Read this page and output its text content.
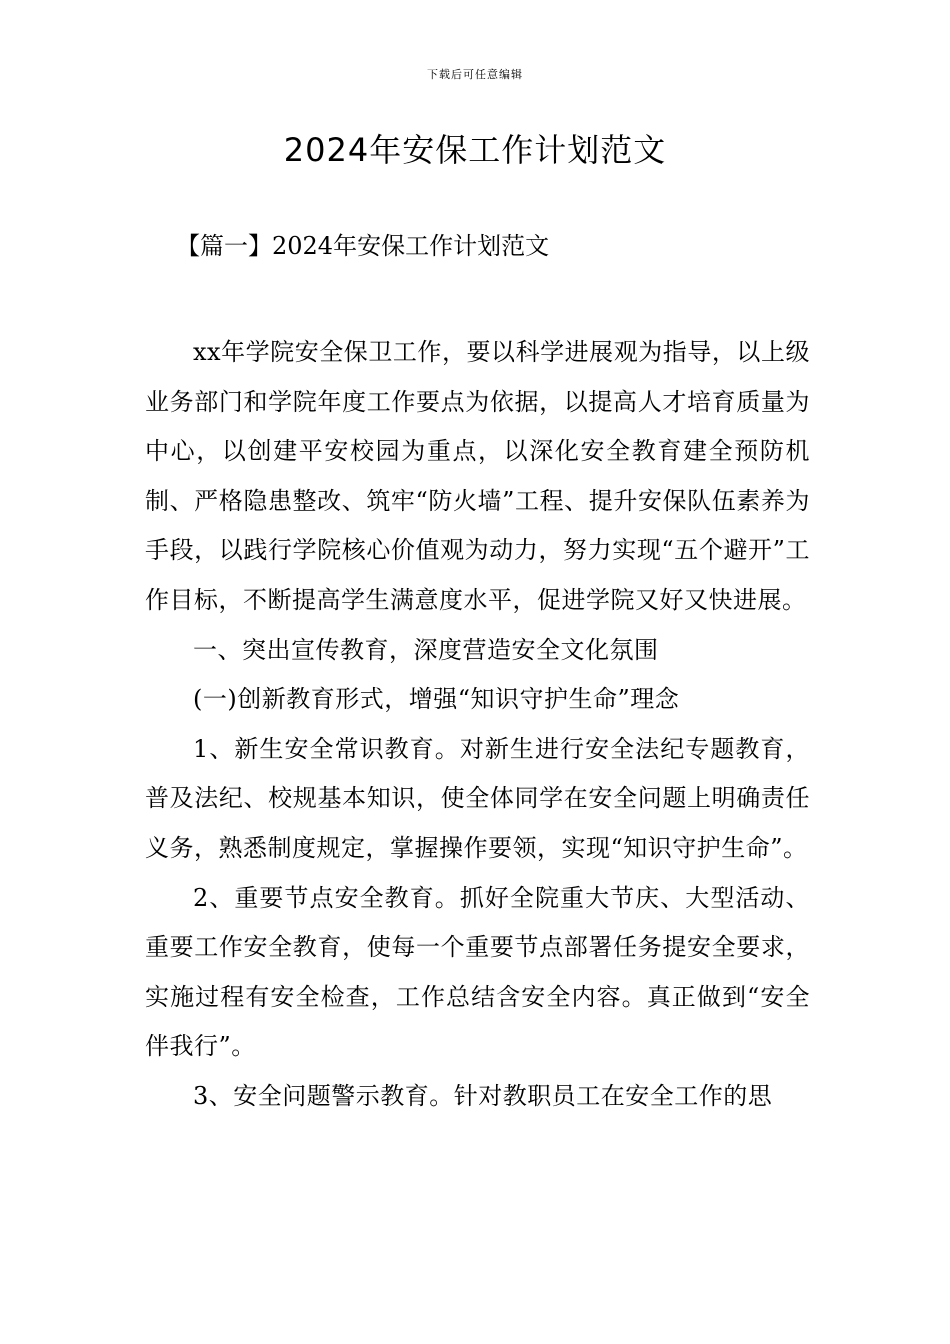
下载后可任意编辑
2024年安保工作计划范文
【篇一】2024年安保工作计划范文

xx年学院安全保卫工作，要以科学进展观为指导，以上级业务部门和学院年度工作要点为依据，以提高人才培育质量为中心，以创建平安校园为重点，以深化安全教育建全预防机制、严格隐患整改、筑牢“防火墙”工程、提升安保队伍素养为手段，以践行学院核心价值观为动力，努力实现“五个避开”工作目标，不断提高学生满意度水平，促进学院又好又快进展。

一、突出宣传教育，深度营造安全文化氛围

(一)创新教育形式，增强“知识守护生命”理念

1、新生安全常识教育。对新生进行安全法纪专题教育，普及法纪、校规基本知识，使全体同学在安全问题上明确责任义务，熟悉制度规定，掌握操作要领，实现“知识守护生命”。

2、重要节点安全教育。抓好全院重大节庆、大型活动、重要工作安全教育，使每一个重要节点部署任务提安全要求，实施过程有安全检查，工作总结含安全内容。真正做到“安全伴我行”。

3、安全问题警示教育。针对教职员工在安全工作的思
